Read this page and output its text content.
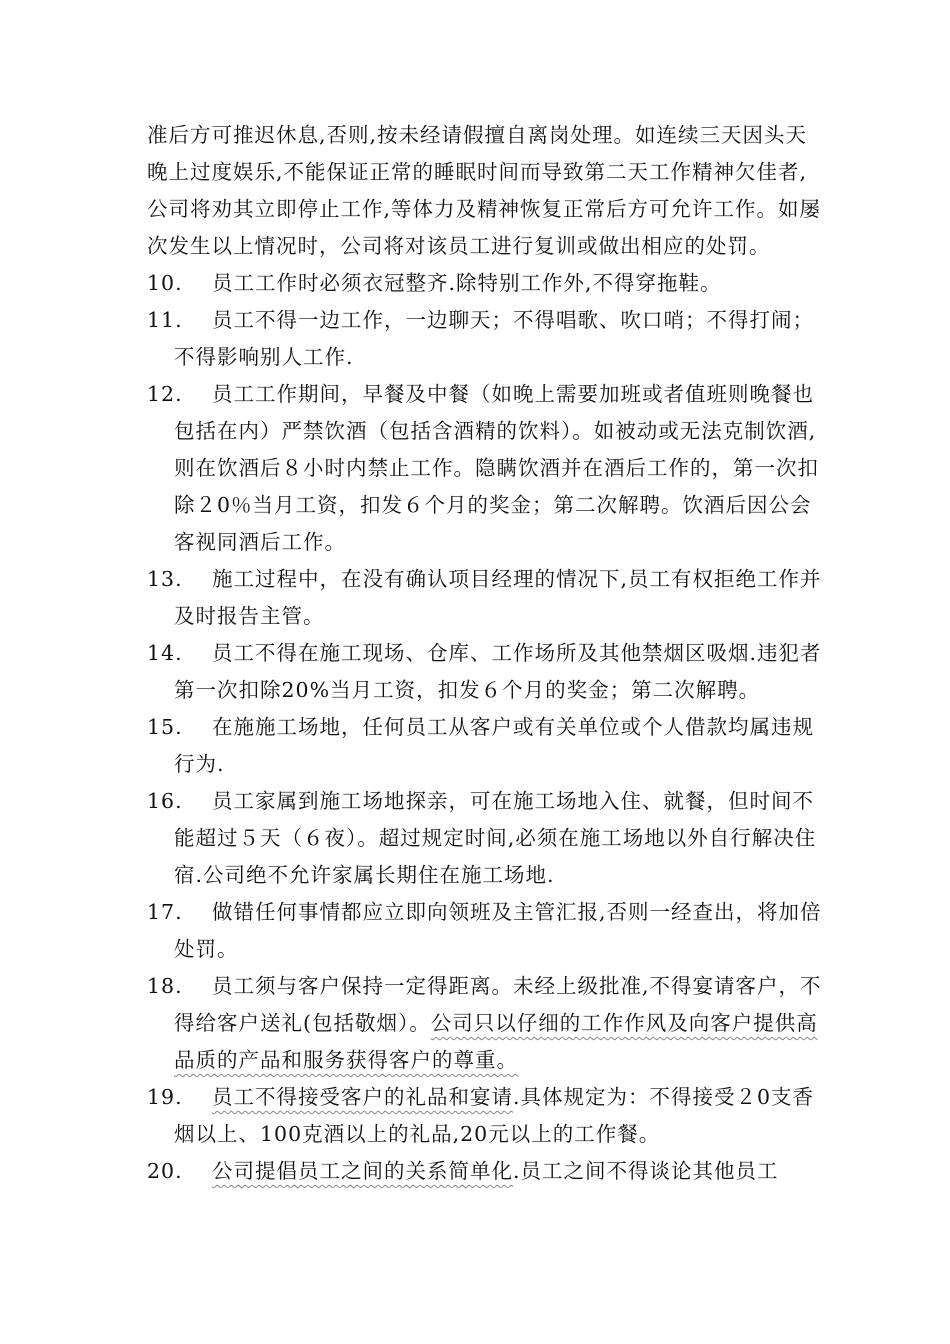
准后方可推迟休息,否则,按未经请假擅自离岗处理。如连续三天因头天晚上过度娱乐,不能保证正常的睡眠时间而导致第二天工作精神欠佳者,公司将劝其立即停止工作,等体力及精神恢复正常后方可允许工作。如屡次发生以上情况时，公司将对该员工进行复训或做出相应的处罚。
10.	员工工作时必须衣冠整齐.除特别工作外,不得穿拖鞋。
11.	员工不得一边工作，一边聊天；不得唱歌、吹口哨；不得打闹；不得影响别人工作.
12.	员工工作期间，早餐及中餐（如晚上需要加班或者值班则晚餐也包括在内）严禁饮酒（包括含酒精的饮料）。如被动或无法克制饮酒,则在饮酒后８小时内禁止工作。隐瞒饮酒并在酒后工作的，第一次扣除２0％当月工资，扣发６个月的奖金；第二次解聘。饮酒后因公会客视同酒后工作。
13.	施工过程中，在没有确认项目经理的情况下,员工有权拒绝工作并及时报告主管。
14.	员工不得在施工现场、仓库、工作场所及其他禁烟区吸烟.违犯者第一次扣除20%当月工资，扣发６个月的奖金；第二次解聘。
15.	在施施工场地，任何员工从客户或有关单位或个人借款均属违规行为.
16.	员工家属到施工场地探亲，可在施工场地入住、就餐，但时间不能超过５天（６夜）。超过规定时间,必须在施工场地以外自行解决住宿.公司绝不允许家属长期住在施工场地.
17.	做错任何事情都应立即向领班及主管汇报,否则一经查出，将加倍处罚。
18.	员工须与客户保持一定得距离。未经上级批准,不得宴请客户，不得给客户送礼(包括敬烟）。公司只以仔细的工作作风及向客户提供高品质的产品和服务获得客户的尊重。
19.	员工不得接受客户的礼品和宴请.具体规定为：不得接受２0支香烟以上、100克酒以上的礼品,20元以上的工作餐。
20.	公司提倡员工之间的关系简单化.员工之间不得谈论其他员工
